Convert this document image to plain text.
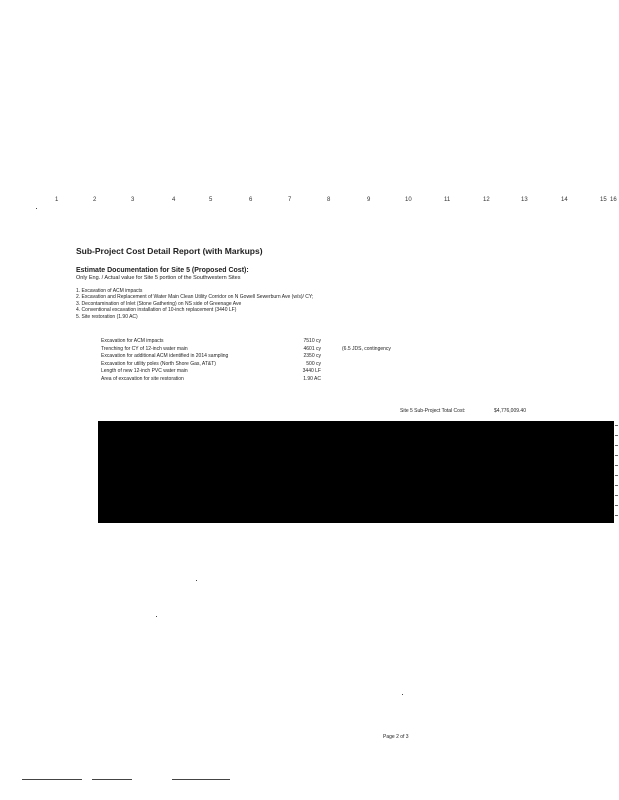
1	2	3	4	5	6	7	8	9	10	11	12	13	14	15 16
Sub-Project Cost Detail Report (with Markups)
Estimate Documentation for Site 5 (Proposed Cost):
Only Eng. / Actual value for Site 5 portion of the Southwestern Sites
1. Excavation of ACM impacts
2. Excavation and Replacement of Water Main Clean Utility Corridor on N Gowell Sewerburn Ave (w/s)/ CY;
3. Decontamination of Inlet (Stone Gathering) on NS side of Greenage Ave
4. Conventional excavation installation of 10-inch replacement (3440 LF)
5. Site restoration (1.90 AC)
Excavation for ACM impacts	7510 cy
Trenching for CY of 12-inch water main	4601 cy	(6.5 JDS, contingency
Excavation for additional ACM identified in 2014 sampling	2350 cy
Excavation for utility poles (North Shore Gas, AT&T)	500 cy
Length of new 12-inch PVC water main	3440 LF
Area of excavation for site restoration	1.90 AC
Site 5 Sub-Project Total Cost:	$4,776,009.40
Page 2 of 3
